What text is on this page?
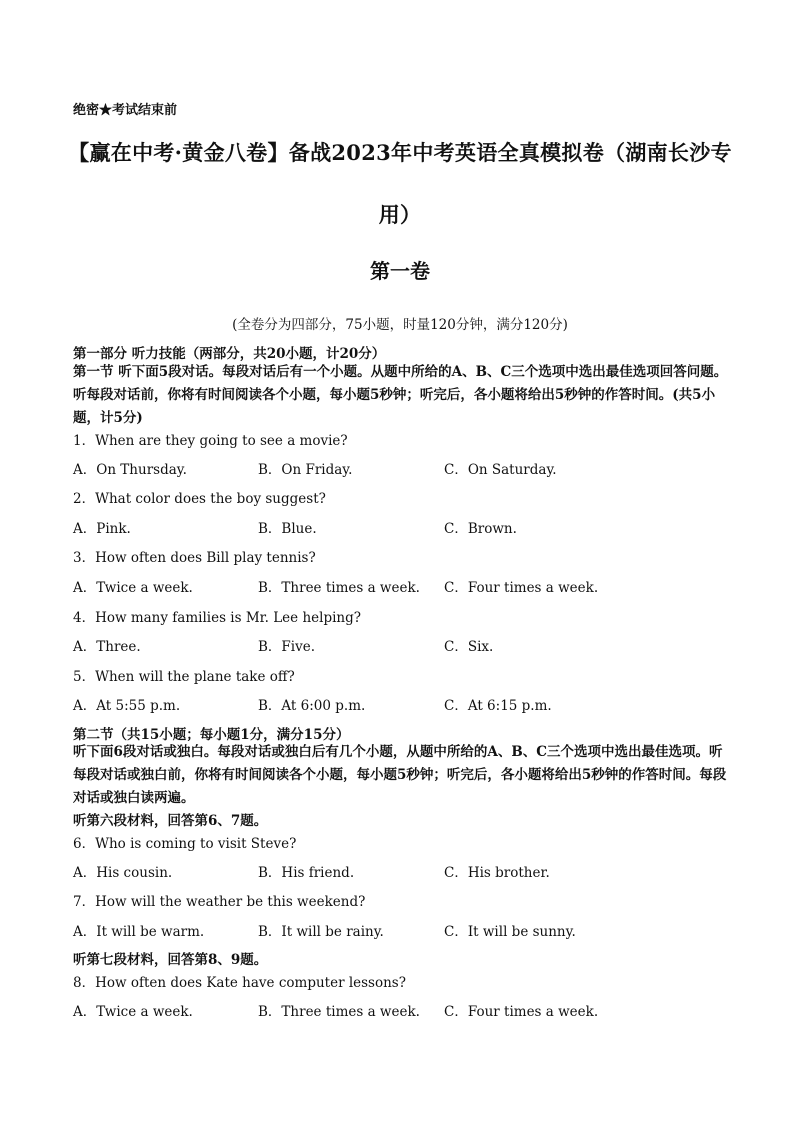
绝密★考试结束前
【赢在中考·黄金八卷】备战2023年中考英语全真模拟卷（湖南长沙专
用）
第一卷
(全卷分为四部分，75小题，时量120分钟，满分120分)
第一部分 听力技能（两部分，共20小题，计20分）
第一节 听下面5段对话。每段对话后有一个小题。从题中所给的A、B、C三个选项中选出最佳选项回答问题。听每段对话前，你将有时间阅读各个小题，每小题5秒钟；听完后，各小题将给出5秒钟的作答时间。(共5小题，计5分)
1．When are they going to see a movie?
A．On Thursday.	B．On Friday.	C．On Saturday.
2．What color does the boy suggest?
A．Pink.	B．Blue.	C．Brown.
3．How often does Bill play tennis?
A．Twice a week.	B．Three times a week. C．Four times a week.
4．How many families is Mr. Lee helping?
A．Three.	B．Five.	C．Six.
5．When will the plane take off?
A．At 5:55 p.m.	B．At 6:00 p.m.	C．At 6:15 p.m.
第二节（共15小题；每小题1分，满分15分）
听下面6段对话或独白。每段对话或独白后有几个小题，从题中所给的A、B、C三个选项中选出最佳选项。听每段对话或独白前，你将有时间阅读各个小题，每小题5秒钟；听完后，各小题将给出5秒钟的作答时间。每段对话或独白读两遍。
听第六段材料，回答第6、7题。
6．Who is coming to visit Steve?
A．His cousin.	B．His friend.	C．His brother.
7．How will the weather be this weekend?
A．It will be warm.	B．It will be rainy.	C．It will be sunny.
听第七段材料，回答第8、9题。
8．How often does Kate have computer lessons?
A．Twice a week.	B．Three times a week. C．Four times a week.
